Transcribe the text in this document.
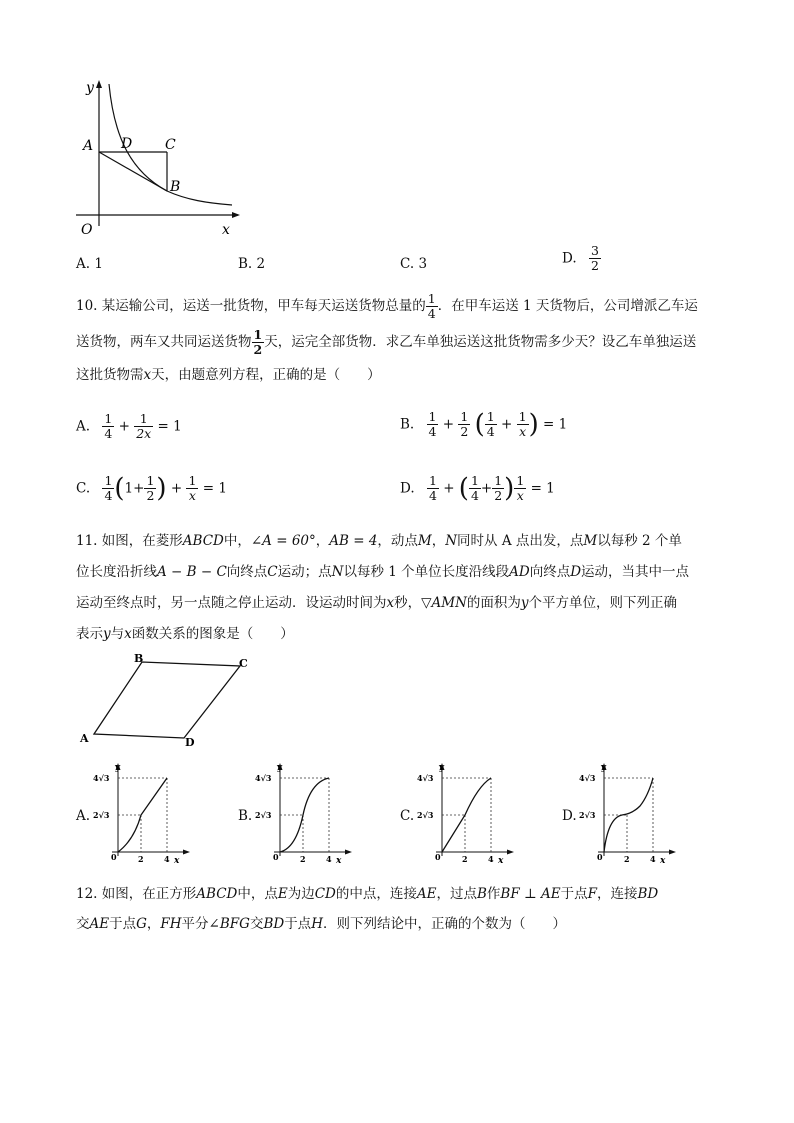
y
x
O
A D C
B
A. 1	B. 2	C. 3	D. $\frac{3}{2}$
10. 某运输公司，运送一批货物，甲车每天运送货物总量的 $\frac{1}{4}$ ．在甲车运送 1 天货物后，公司增派乙车运
送货物，两车又共同运送货物 $\frac{1}{2}$ 天，运完全部货物．求乙车单独运送这批货物需多少天？设乙车单独运送
这批货物需x天，由题意列方程，正确的是（　　）
A. $\frac{1}{4} + \frac{1}{2x} = 1$	B. $\frac{1}{4} + \frac{1}{2}$ ( $\frac{1}{4} + \frac{1}{x}$ ) = 1
C. $\frac{1}{4} (1+ \frac{1}{2}$ ) + $\frac{1}{x} = 1$	D. $\frac{1}{4}$ + ( $\frac{1}{4} + \frac{1}{2}$ ) $\frac{1}{x} = 1$
11. 如图，在菱形ABCD中，∠A = 60°，AB = 4，动点M，N同时从 A 点出发，点M以每秒 2 个单
位长度沿折线A − B − C向终点C运动；点N以每秒 1 个单位长度沿线段AD向终点D运动，当其中一点
运动至终点时，另一点随之停止运动．设运动时间为x秒，▽AMN的面积为y个平方单位，则下列正确
表示y与x函数关系的图象是（　　）
A
B	C
D
A.	B.	C.	D.
y
x
4√3
2√3
0	2	4
y
x
4√3
2√3
0	2	4
y
x
4√3
2√3
0	2	4
y
x
4√3
2√3
0	2	4
12. 如图，在正方形ABCD中，点E为边CD的中点，连接AE，过点B作BF ⊥ AE于点F，连接BD
交AE于点G，FH平分∠BFG交BD于点H．则下列结论中，正确的个数为（　　）
